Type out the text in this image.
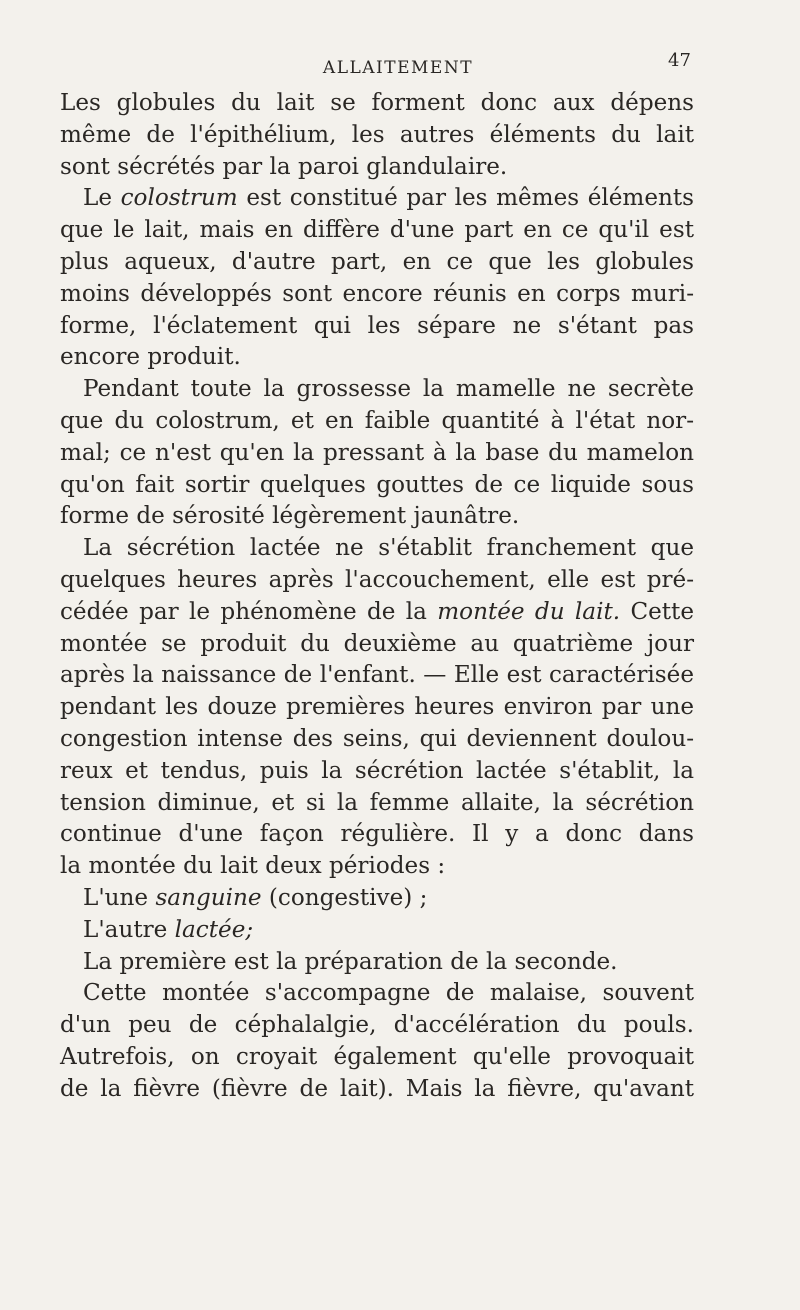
ALLAITEMENT	47
Les globules du lait se forment donc aux dépens
même de l'épithélium, les autres éléments du lait
sont sécrétés par la paroi glandulaire.
Le colostrum est constitué par les mêmes éléments
que le lait, mais en diffère d'une part en ce qu'il est
plus aqueux, d'autre part, en ce que les globules
moins développés sont encore réunis en corps muri-
forme, l'éclatement qui les sépare ne s'étant pas
encore produit.
Pendant toute la grossesse la mamelle ne secrète
que du colostrum, et en faible quantité à l'état nor-
mal; ce n'est qu'en la pressant à la base du mamelon
qu'on fait sortir quelques gouttes de ce liquide sous
forme de sérosité légèrement jaunâtre.
La sécrétion lactée ne s'établit franchement que
quelques heures après l'accouchement, elle est pré-
cédée par le phénomène de la montée du lait. Cette
montée se produit du deuxième au quatrième jour
après la naissance de l'enfant. — Elle est caractérisée
pendant les douze premières heures environ par une
congestion intense des seins, qui deviennent doulou-
reux et tendus, puis la sécrétion lactée s'établit, la
tension diminue, et si la femme allaite, la sécrétion
continue d'une façon régulière. Il y a donc dans
la montée du lait deux périodes :
L'une sanguine (congestive) ;
L'autre lactée;
La première est la préparation de la seconde.
Cette montée s'accompagne de malaise, souvent
d'un peu de céphalalgie, d'accélération du pouls.
Autrefois, on croyait également qu'elle provoquait
de la fièvre (fièvre de lait). Mais la fièvre, qu'avant
